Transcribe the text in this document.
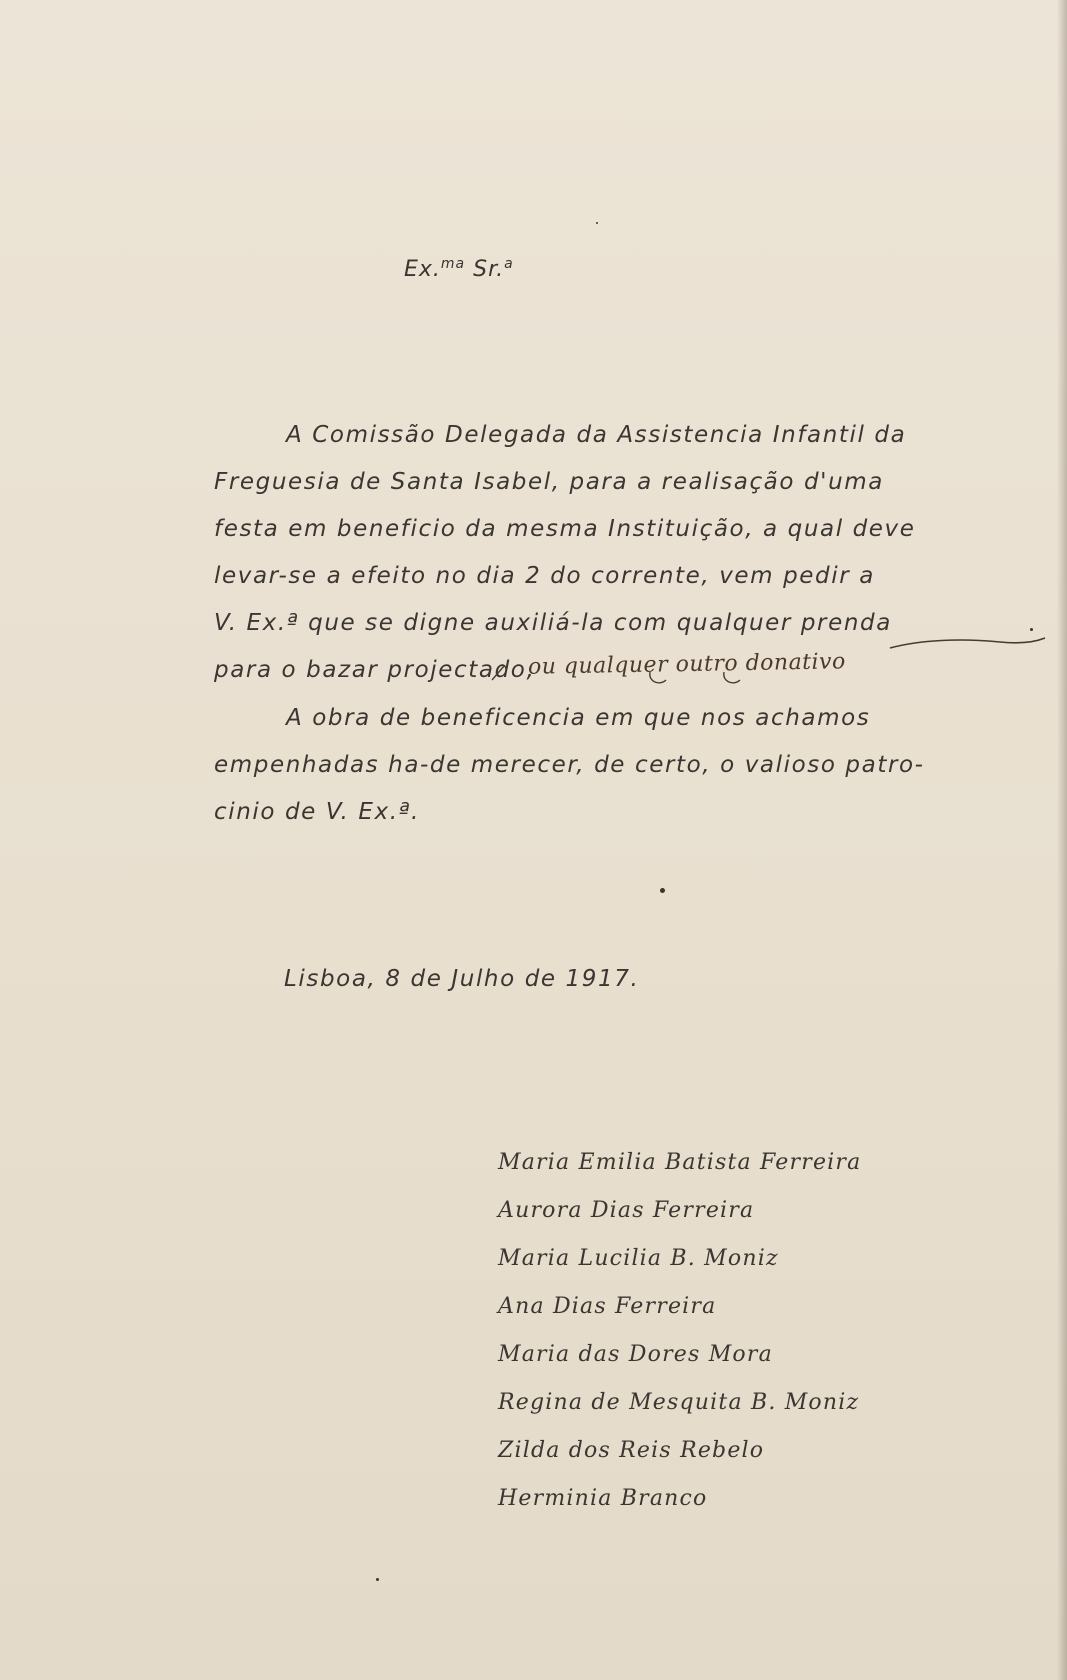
Ex.$^{ma}$ Sr.$^a$
A Comissão Delegada da Assistencia Infantil da
Freguesia de Santa Isabel, para a realisação d'uma
festa em beneficio da mesma Instituição, a qual deve
levar-se a efeito no dia 2 do corrente, vem pedir a
V. Ex.ª que se digne auxiliá-la com qualquer prenda
para o bazar projectado,
A obra de beneficencia em que nos achamos
empenhadas ha-de merecer, de certo, o valioso patro-
cinio de V. Ex.ª.
ou qualquer outro donativo
Lisboa, 8 de Julho de 1917.
Maria Emilia Batista Ferreira
Aurora Dias Ferreira
Maria Lucilia B. Moniz
Ana Dias Ferreira
Maria das Dores Mora
Regina de Mesquita B. Moniz
Zilda dos Reis Rebelo
Herminia Branco
